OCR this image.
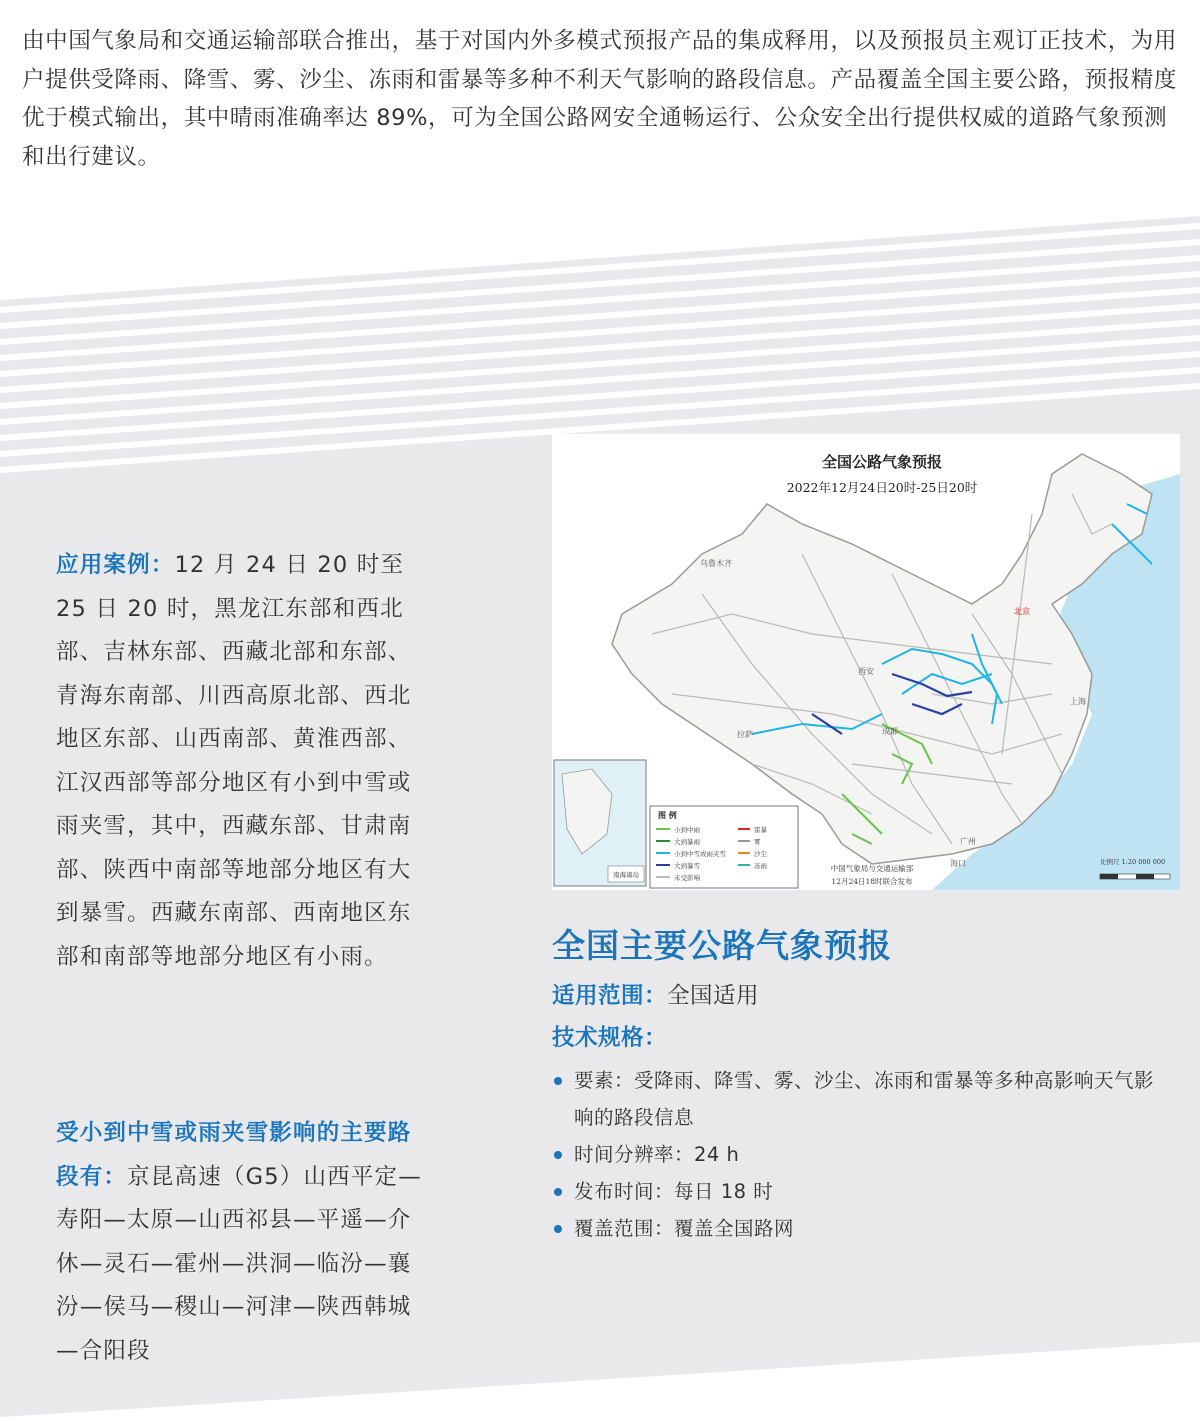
由中国气象局和交通运输部联合推出，基于对国内外多模式预报产品的集成释用，以及预报员主观订正技术，为用户提供受降雨、降雪、雾、沙尘、冻雨和雷暴等多种不利天气影响的路段信息。产品覆盖全国主要公路，预报精度优于模式输出，其中晴雨准确率达 89%，可为全国公路网安全通畅运行、公众安全出行提供权威的道路气象预测和出行建议。
应用案例：12 月 24 日 20 时至 25 日 20 时，黑龙江东部和西北部、吉林东部、西藏北部和东部、青海东南部、川西高原北部、西北地区东部、山西南部、黄淮西部、江汉西部等部分地区有小到中雪或雨夹雪，其中，西藏东部、甘肃南部、陕西中南部等地部分地区有大到暴雪。西藏东南部、西南地区东部和南部等地部分地区有小雨。
受小到中雪或雨夹雪影响的主要路段有：京昆高速（G5）山西平定—寿阳—太原—山西祁县—平遥—介休—灵石—霍州—洪洞—临汾—襄汾—侯马—稷山—河津—陕西韩城—合阳段
全国公路气象预报
2022年12月24日20时-25日20时
乌鲁木齐
拉萨
西安
成都
北京
上海
广州
海口
南海诸岛
图 例
小到中雨
大到暴雨
小到中雪或雨夹雪
大到暴雪
未受影响
雷暴
雾
沙尘
冻雨	中国气象局与交通运输部
12月24日18时联合发布
比例尺 1:20 000 000
全国主要公路气象预报
适用范围：全国适用
技术规格：
要素：受降雨、降雪、雾、沙尘、冻雨和雷暴等多种高影响天气影响的路段信息
时间分辨率：24 h
发布时间：每日 18 时
覆盖范围：覆盖全国路网
